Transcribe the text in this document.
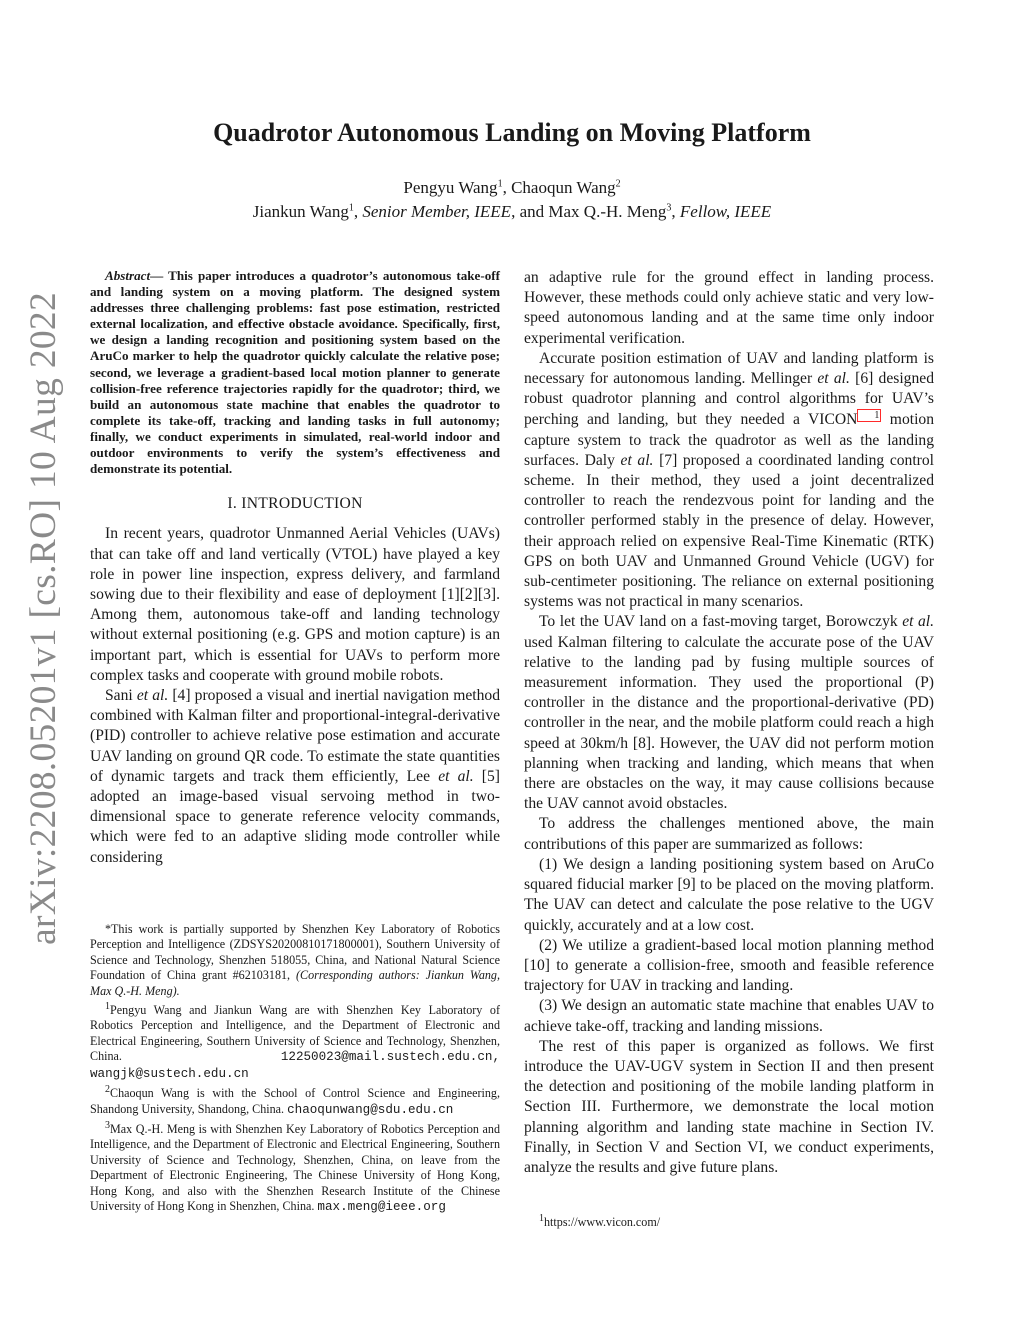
arXiv:2208.05201v1 [cs.RO] 10 Aug 2022
Quadrotor Autonomous Landing on Moving Platform
Pengyu Wang$^1$, Chaoqun Wang$^2$
Jiankun Wang$^1$, Senior Member, IEEE, and Max Q.-H. Meng$^3$, Fellow, IEEE

Abstract— This paper introduces a quadrotor’s autonomous take-off and landing system on a moving platform. The designed system addresses three challenging problems: fast pose estimation, restricted external localization, and effective obstacle avoidance. Specifically, first, we design a landing recognition and positioning system based on the AruCo marker to help the quadrotor quickly calculate the relative pose; second, we leverage a gradient-based local motion planner to generate collision-free reference trajectories rapidly for the quadrotor; third, we build an autonomous state machine that enables the quadrotor to complete its take-off, tracking and landing tasks in full autonomy; finally, we conduct experiments in simulated, real-world indoor and outdoor environments to verify the system’s effectiveness and demonstrate its potential.

I. INTRODUCTION

In recent years, quadrotor Unmanned Aerial Vehicles (UAVs) that can take off and land vertically (VTOL) have played a key role in power line inspection, express delivery, and farmland sowing due to their flexibility and ease of deployment [1][2][3]. Among them, autonomous take-off and landing technology without external positioning (e.g. GPS and motion capture) is an important part, which is essential for UAVs to perform more complex tasks and cooperate with ground mobile robots.

Sani et al. [4] proposed a visual and inertial navigation method combined with Kalman filter and proportional-integral-derivative (PID) controller to achieve relative pose estimation and accurate UAV landing on ground QR code. To estimate the state quantities of dynamic targets and track them efficiently, Lee et al. [5] adopted an image-based visual servoing method in two-dimensional space to generate reference velocity commands, which were fed to an adaptive sliding mode controller while considering

*This work is partially supported by Shenzhen Key Laboratory of Robotics Perception and Intelligence (ZDSYS20200810171800001), Southern University of Science and Technology, Shenzhen 518055, China, and National Natural Science Foundation of China grant #62103181, (Corresponding authors: Jiankun Wang, Max Q.-H. Meng).

$^1$Pengyu Wang and Jiankun Wang are with Shenzhen Key Laboratory of Robotics Perception and Intelligence, and the Department of Electronic and Electrical Engineering, Southern University of Science and Technology, Shenzhen, China. 12250023@mail.sustech.edu.cn, wangjk@sustech.edu.cn

$^2$Chaoqun Wang is with the School of Control Science and Engineering, Shandong University, Shandong, China. chaoqunwang@sdu.edu.cn

$^3$Max Q.-H. Meng is with Shenzhen Key Laboratory of Robotics Perception and Intelligence, and the Department of Electronic and Electrical Engineering, Southern University of Science and Technology, Shenzhen, China, on leave from the Department of Electronic Engineering, The Chinese University of Hong Kong, Hong Kong, and also with the Shenzhen Research Institute of the Chinese University of Hong Kong in Shenzhen, China. max.meng@ieee.org

an adaptive rule for the ground effect in landing process. However, these methods could only achieve static and very low-speed autonomous landing and at the same time only indoor experimental verification.

Accurate position estimation of UAV and landing platform is necessary for autonomous landing. Mellinger et al. [6] designed robust quadrotor planning and control algorithms for UAV’s perching and landing, but they needed a VICON 1 motion capture system to track the quadrotor as well as the landing surfaces. Daly et al. [7] proposed a coordinated landing control scheme. In their method, they used a joint decentralized controller to reach the rendezvous point for landing and the controller performed stably in the presence of delay. However, their approach relied on expensive Real-Time Kinematic (RTK) GPS on both UAV and Unmanned Ground Vehicle (UGV) for sub-centimeter positioning. The reliance on external positioning systems was not practical in many scenarios.

To let the UAV land on a fast-moving target, Borowczyk et al. used Kalman filtering to calculate the accurate pose of the UAV relative to the landing pad by fusing multiple sources of measurement information. They used the proportional (P) controller in the distance and the proportional-derivative (PD) controller in the near, and the mobile platform could reach a high speed at 30km/h [8]. However, the UAV did not perform motion planning when tracking and landing, which means that when there are obstacles on the way, it may cause collisions because the UAV cannot avoid obstacles.

To address the challenges mentioned above, the main contributions of this paper are summarized as follows:

(1) We design a landing positioning system based on AruCo squared fiducial marker [9] to be placed on the moving platform. The UAV can detect and calculate the pose relative to the UGV quickly, accurately and at a low cost.

(2) We utilize a gradient-based local motion planning method [10] to generate a collision-free, smooth and feasible reference trajectory for UAV in tracking and landing.

(3) We design an automatic state machine that enables UAV to achieve take-off, tracking and landing missions.

The rest of this paper is organized as follows. We first introduce the UAV-UGV system in Section II and then present the detection and positioning of the mobile landing platform in Section III. Furthermore, we demonstrate the local motion planning algorithm and landing state machine in Section IV. Finally, in Section V and Section VI, we conduct experiments, analyze the results and give future plans.

$^1$https://www.vicon.com/
